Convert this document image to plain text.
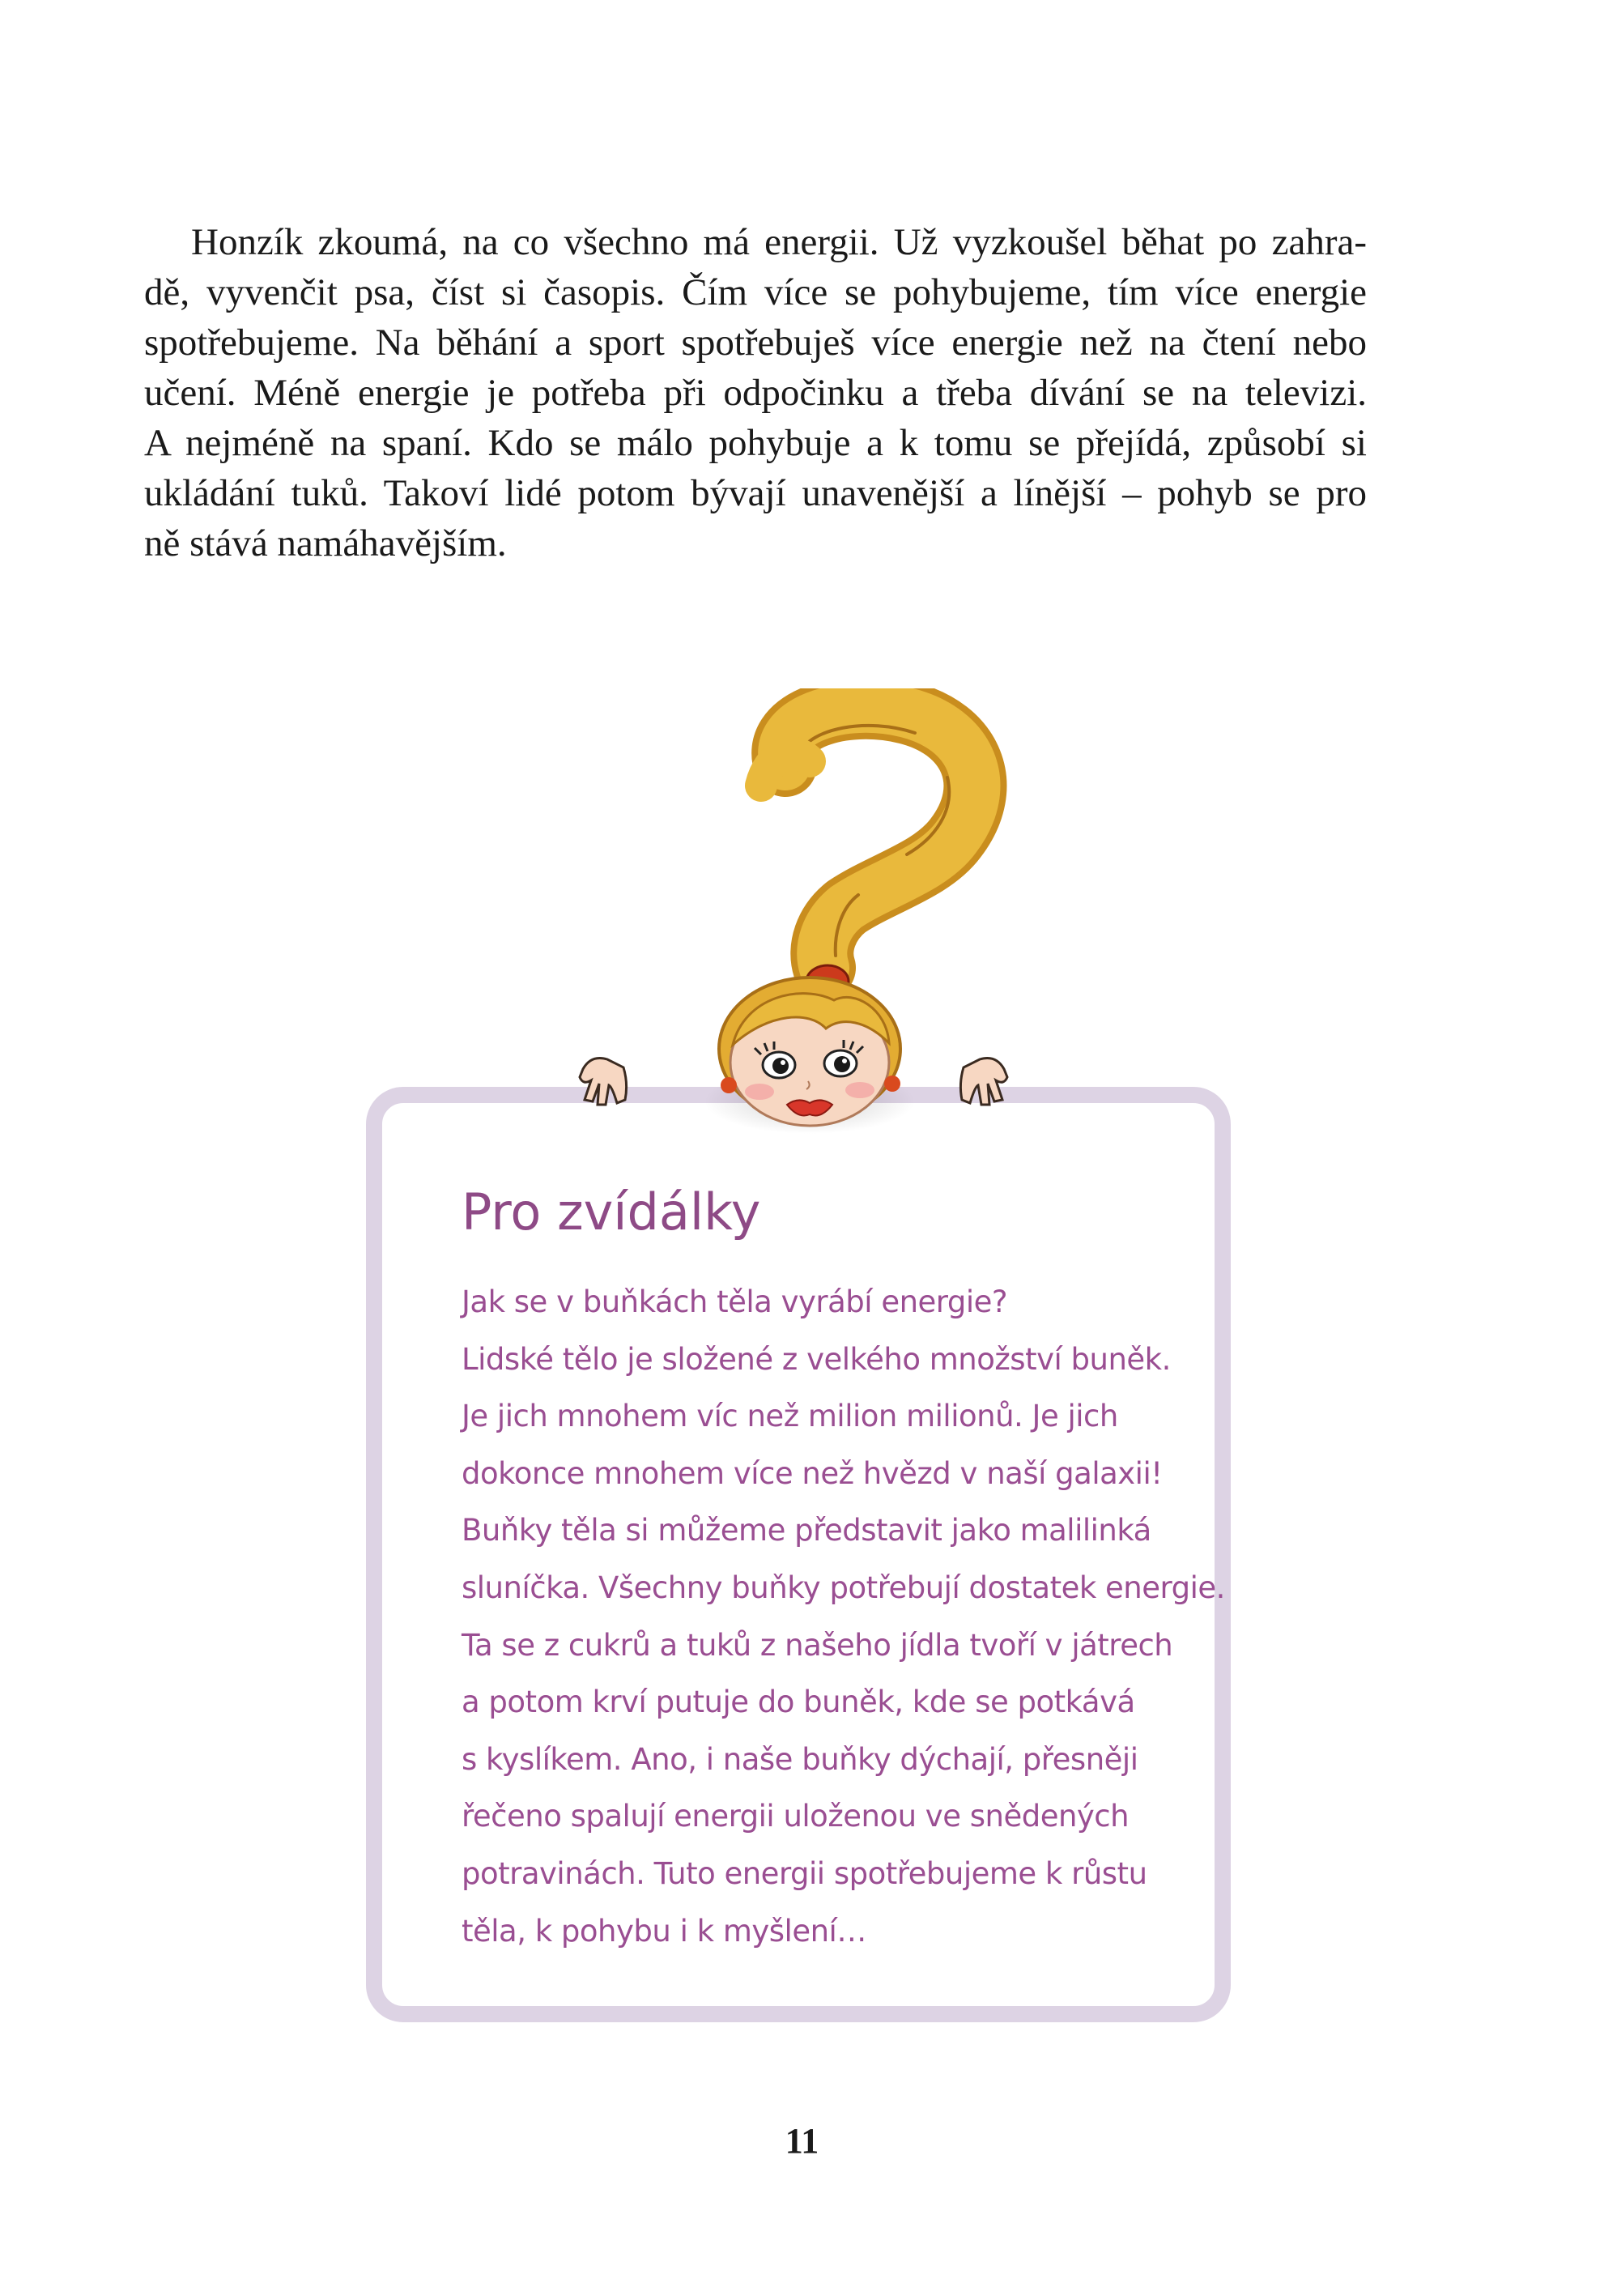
Honzík zkoumá, na co všechno má energii. Už vyzkoušel běhat po zahra-
dě, vyvenčit psa, číst si časopis. Čím více se pohybujeme, tím více energie
spotřebujeme. Na běhání a sport spotřebuješ více energie než na čtení nebo
učení. Méně energie je potřeba při odpočinku a třeba dívání se na televizi.
A nejméně na spaní. Kdo se málo pohybuje a k tomu se přejídá, způsobí si
ukládání tuků. Takoví lidé potom bývají unavenější a línější – pohyb se pro
ně stává namáhavějším.
Pro zvídálky
Jak se v buňkách těla vyrábí energie?
Lidské tělo je složené z velkého množství buněk.
Je jich mnohem víc než milion milionů. Je jich
dokonce mnohem více než hvězd v naší galaxii!
Buňky těla si můžeme představit jako malilinká
sluníčka. Všechny buňky potřebují dostatek energie.
Ta se z cukrů a tuků z našeho jídla tvoří v játrech
a potom krví putuje do buněk, kde se potkává
s kyslíkem. Ano, i naše buňky dýchají, přesněji
řečeno spalují energii uloženou ve snědených
potravinách. Tuto energii spotřebujeme k růstu
těla, k pohybu i k myšlení…
11
